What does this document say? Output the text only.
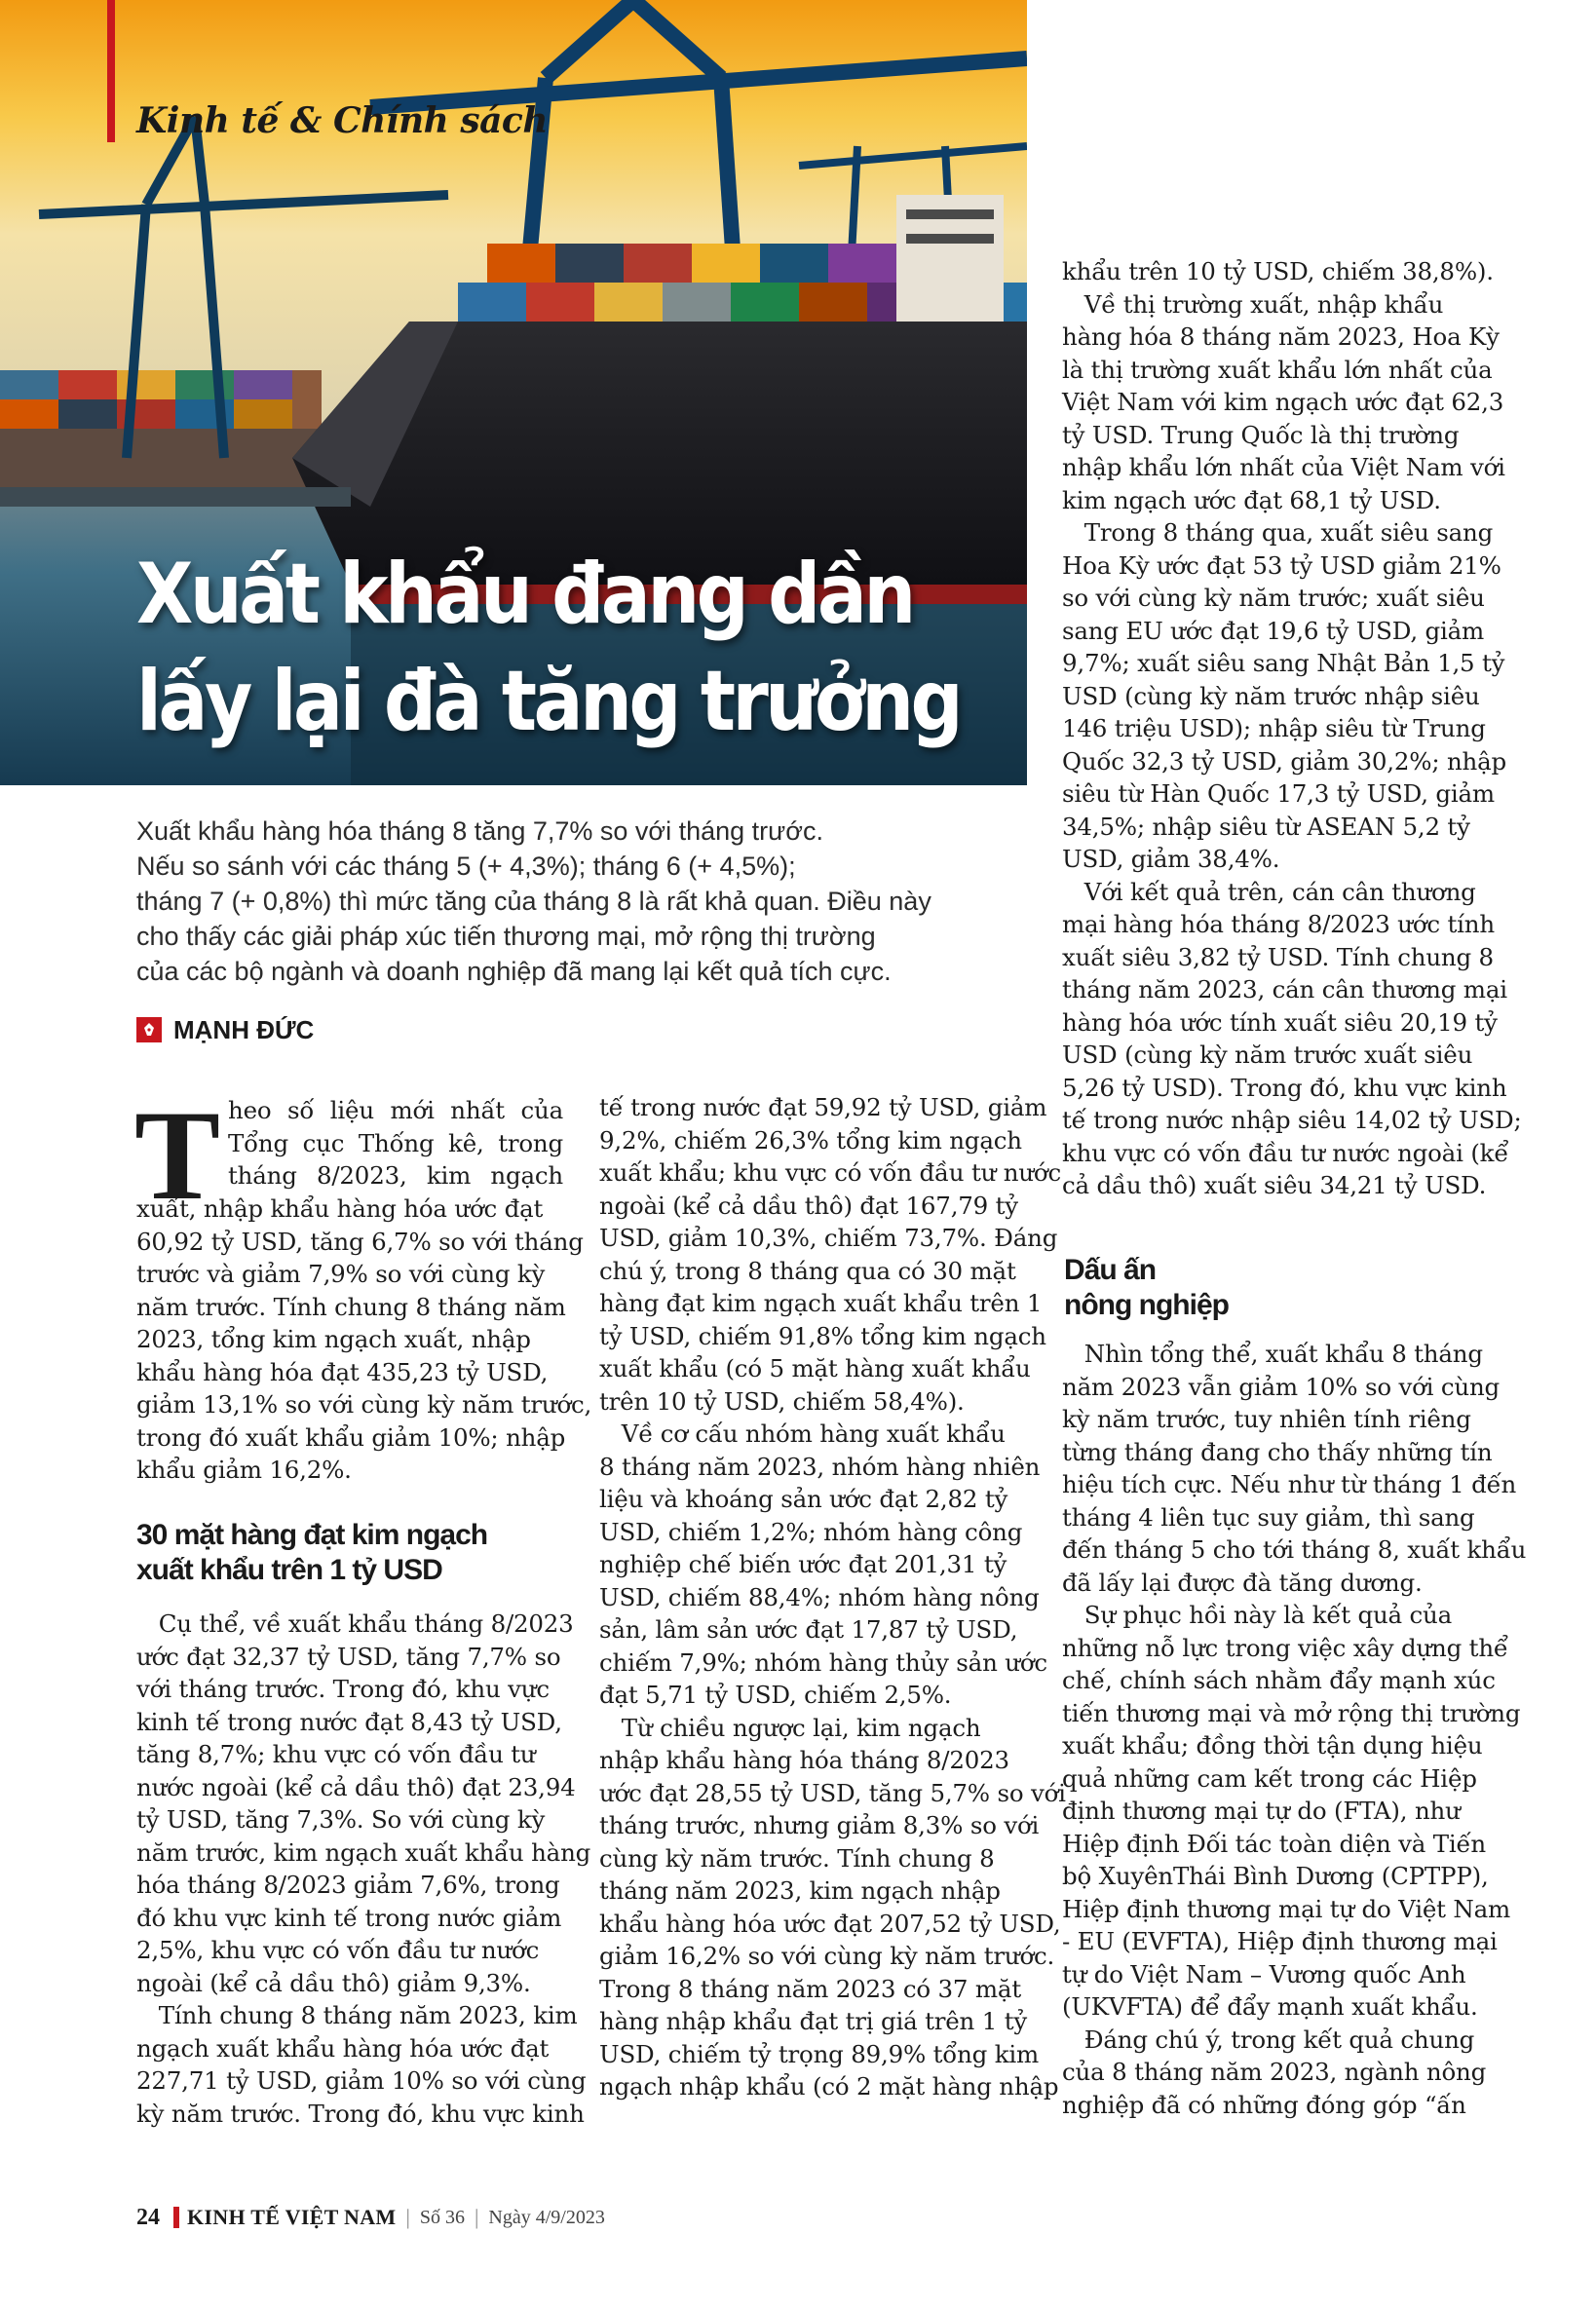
Kinh tế & Chính sách
Xuất khẩu đang dần
lấy lại đà tăng trưởng
Xuất khẩu hàng hóa tháng 8 tăng 7,7% so với tháng trước.
Nếu so sánh với các tháng 5 (+ 4,3%); tháng 6 (+ 4,5%);
tháng 7 (+ 0,8%) thì mức tăng của tháng 8 là rất khả quan. Điều này
cho thấy các giải pháp xúc tiến thương mại, mở rộng thị trường
của các bộ ngành và doanh nghiệp đã mang lại kết quả tích cực.
MẠNH ĐỨC
T heo số liệu mới nhất của
Tổng cục Thống kê, trong
tháng 8/2023, kim ngạch
xuất, nhập khẩu hàng hóa ước đạt
60,92 tỷ USD, tăng 6,7% so với tháng
trước và giảm 7,9% so với cùng kỳ
năm trước. Tính chung 8 tháng năm
2023, tổng kim ngạch xuất, nhập
khẩu hàng hóa đạt 435,23 tỷ USD,
giảm 13,1% so với cùng kỳ năm trước,
trong đó xuất khẩu giảm 10%; nhập
khẩu giảm 16,2%.
30 mặt hàng đạt kim ngạch
xuất khẩu trên 1 tỷ USD
Cụ thể, về xuất khẩu tháng 8/2023
ước đạt 32,37 tỷ USD, tăng 7,7% so
với tháng trước. Trong đó, khu vực
kinh tế trong nước đạt 8,43 tỷ USD,
tăng 8,7%; khu vực có vốn đầu tư
nước ngoài (kể cả dầu thô) đạt 23,94
tỷ USD, tăng 7,3%. So với cùng kỳ
năm trước, kim ngạch xuất khẩu hàng
hóa tháng 8/2023 giảm 7,6%, trong
đó khu vực kinh tế trong nước giảm
2,5%, khu vực có vốn đầu tư nước
ngoài (kể cả dầu thô) giảm 9,3%.
Tính chung 8 tháng năm 2023, kim
ngạch xuất khẩu hàng hóa ước đạt
227,71 tỷ USD, giảm 10% so với cùng
kỳ năm trước. Trong đó, khu vực kinh
tế trong nước đạt 59,92 tỷ USD, giảm
9,2%, chiếm 26,3% tổng kim ngạch
xuất khẩu; khu vực có vốn đầu tư nước
ngoài (kể cả dầu thô) đạt 167,79 tỷ
USD, giảm 10,3%, chiếm 73,7%. Đáng
chú ý, trong 8 tháng qua có 30 mặt
hàng đạt kim ngạch xuất khẩu trên 1
tỷ USD, chiếm 91,8% tổng kim ngạch
xuất khẩu (có 5 mặt hàng xuất khẩu
trên 10 tỷ USD, chiếm 58,4%).
Về cơ cấu nhóm hàng xuất khẩu
8 tháng năm 2023, nhóm hàng nhiên
liệu và khoáng sản ước đạt 2,82 tỷ
USD, chiếm 1,2%; nhóm hàng công
nghiệp chế biến ước đạt 201,31 tỷ
USD, chiếm 88,4%; nhóm hàng nông
sản, lâm sản ước đạt 17,87 tỷ USD,
chiếm 7,9%; nhóm hàng thủy sản ước
đạt 5,71 tỷ USD, chiếm 2,5%.
Từ chiều ngược lại, kim ngạch
nhập khẩu hàng hóa tháng 8/2023
ước đạt 28,55 tỷ USD, tăng 5,7% so với
tháng trước, nhưng giảm 8,3% so với
cùng kỳ năm trước. Tính chung 8
tháng năm 2023, kim ngạch nhập
khẩu hàng hóa ước đạt 207,52 tỷ USD,
giảm 16,2% so với cùng kỳ năm trước.
Trong 8 tháng năm 2023 có 37 mặt
hàng nhập khẩu đạt trị giá trên 1 tỷ
USD, chiếm tỷ trọng 89,9% tổng kim
ngạch nhập khẩu (có 2 mặt hàng nhập
khẩu trên 10 tỷ USD, chiếm 38,8%).
Về thị trường xuất, nhập khẩu
hàng hóa 8 tháng năm 2023, Hoa Kỳ
là thị trường xuất khẩu lớn nhất của
Việt Nam với kim ngạch ước đạt 62,3
tỷ USD. Trung Quốc là thị trường
nhập khẩu lớn nhất của Việt Nam với
kim ngạch ước đạt 68,1 tỷ USD.
Trong 8 tháng qua, xuất siêu sang
Hoa Kỳ ước đạt 53 tỷ USD giảm 21%
so với cùng kỳ năm trước; xuất siêu
sang EU ước đạt 19,6 tỷ USD, giảm
9,7%; xuất siêu sang Nhật Bản 1,5 tỷ
USD (cùng kỳ năm trước nhập siêu
146 triệu USD); nhập siêu từ Trung
Quốc 32,3 tỷ USD, giảm 30,2%; nhập
siêu từ Hàn Quốc 17,3 tỷ USD, giảm
34,5%; nhập siêu từ ASEAN 5,2 tỷ
USD, giảm 38,4%.
Với kết quả trên, cán cân thương
mại hàng hóa tháng 8/2023 ước tính
xuất siêu 3,82 tỷ USD. Tính chung 8
tháng năm 2023, cán cân thương mại
hàng hóa ước tính xuất siêu 20,19 tỷ
USD (cùng kỳ năm trước xuất siêu
5,26 tỷ USD). Trong đó, khu vực kinh
tế trong nước nhập siêu 14,02 tỷ USD;
khu vực có vốn đầu tư nước ngoài (kể
cả dầu thô) xuất siêu 34,21 tỷ USD.
Dấu ấn
nông nghiệp
Nhìn tổng thể, xuất khẩu 8 tháng
năm 2023 vẫn giảm 10% so với cùng
kỳ năm trước, tuy nhiên tính riêng
từng tháng đang cho thấy những tín
hiệu tích cực. Nếu như từ tháng 1 đến
tháng 4 liên tục suy giảm, thì sang
đến tháng 5 cho tới tháng 8, xuất khẩu
đã lấy lại được đà tăng dương.
Sự phục hồi này là kết quả của
những nỗ lực trong việc xây dựng thể
chế, chính sách nhằm đẩy mạnh xúc
tiến thương mại và mở rộng thị trường
xuất khẩu; đồng thời tận dụng hiệu
quả những cam kết trong các Hiệp
định thương mại tự do (FTA), như
Hiệp định Đối tác toàn diện và Tiến
bộ XuyênThái Bình Dương (CPTPP),
Hiệp định thương mại tự do Việt Nam
- EU (EVFTA), Hiệp định thương mại
tự do Việt Nam – Vương quốc Anh
(UKVFTA) để đẩy mạnh xuất khẩu.
Đáng chú ý, trong kết quả chung
của 8 tháng năm 2023, ngành nông
nghiệp đã có những đóng góp “ấn
24 KINH TẾ VIỆT NAM | Số 36 | Ngày 4/9/2023
